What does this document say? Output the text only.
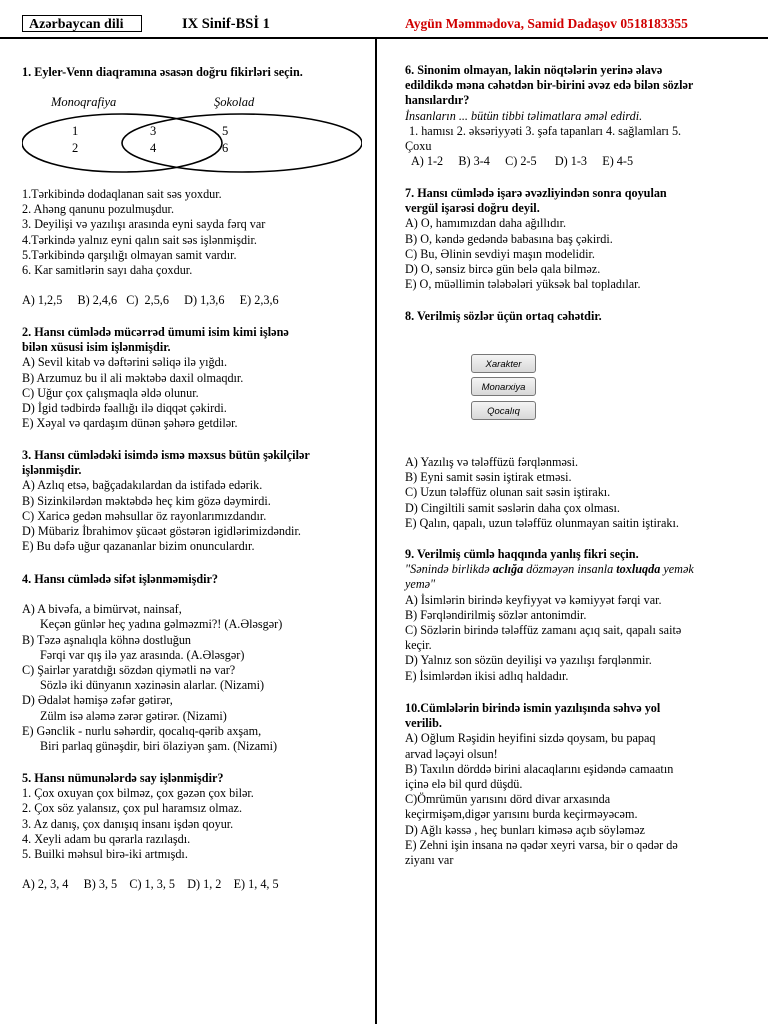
Azərbaycan dili	IX Sinif-BSİ 1	Aygün Məmmədova, Samid Dadaşov 0518183355

1. Eyler-Venn diaqramına əsasən doğru fikirləri seçin.

Monoqrafiya	Şokolad
1
2
3
4
5
6

1.Tərkibində dodaqlanan sait səs yoxdur.

2. Ahəng qanunu pozulmuşdur.

3. Deyilişi və yazılışı arasında eyni sayda fərq var

4.Tərkində yalnız eyni qalın sait səs işlənmişdir.

5.Tərkibində qarşılığı olmayan samit vardır.

6. Kar samitlərin sayı daha çoxdur.

A) 1,2,5     B) 2,4,6   C)  2,5,6     D) 1,3,6     E) 2,3,6

2. Hansı cümlədə mücərrəd ümumi isim kimi işlənə

bilən xüsusi isim işlənmişdir.

A) Sevil kitab və dəftərini səliqə ilə yığdı.

B) Arzumuz bu il ali məktəbə daxil olmaqdır.

C) Uğur çox çalışmaqla əldə olunur.

D) İgid tədbirdə fəallığı ilə diqqət çəkirdi.

E) Xəyal və qardaşım dünən şəhərə getdilər.

3. Hansı cümlədəki isimdə ismə məxsus bütün şəkilçilər

işlənmişdir.

A) Azlıq etsə, bağçadakılardan da istifadə edərik.

B) Sizinkilərdən məktəbdə heç kim gözə dəymirdi.

C) Xaricə gedən məhsullar öz rayonlarımızdandır.

D) Mübariz İbrahimov şücaət göstərən igidlərimizdəndir.

E) Bu dəfə uğur qazananlar bizim onunculardır.

4. Hansı cümlədə sifət işlənməmişdir?

A) A bivəfa, a bimürvət, nainsaf,

Keçən günlər heç yadına gəlməzmi?! (A.Ələsgər)

B) Təzə aşnalıqla köhnə dostluğun

Fərqi var qış ilə yaz arasında. (A.Ələsgər)

C) Şairlər yaratdığı sözdən qiymətli nə var?

Sözlə iki dünyanın xəzinəsin alarlar. (Nizami)

D) Ədalət həmişə zəfər gətirər,

Zülm isə aləmə zərər gətirər. (Nizami)

E) Gənclik - nurlu səhərdir, qocalıq-qərib axşam,

Biri parlaq günəşdir, biri ölaziyən şam. (Nizami)

5. Hansı nümunələrdə say işlənmişdir?

1. Çox oxuyan çox bilməz, çox gəzən çox bilər.

2. Çox söz yalansız, çox pul haramsız olmaz.

3. Az danış, çox danışıq insanı işdən qoyur.

4. Xeyli adam bu qərarla razılaşdı.

5. Builki məhsul birə-iki artmışdı.

A) 2, 3, 4     B) 3, 5    C) 1, 3, 5    D) 1, 2    E) 1, 4, 5

6. Sinonim olmayan, lakin nöqtələrin yerinə əlavə

edildikdə məna cəhətdən bir-birini əvəz edə bilən sözlər

hansılardır?

İnsanların ... bütün tibbi təlimatlara əməl edirdi.

1. hamısı 2. əksəriyyəti 3. şəfa tapanları 4. sağlamları 5.

Çoxu

A) 1-2     B) 3-4     C) 2-5      D) 1-3     E) 4-5

7. Hansı cümlədə işarə əvəzliyindən sonra qoyulan

vergül işarəsi doğru deyil.

A) O, hamımızdan daha ağıllıdır.

B) O, kəndə gedəndə babasına baş çəkirdi.

C) Bu, Əlinin sevdiyi maşın modelidir.

D) O, sənsiz bircə gün belə qala bilməz.

E) O, müəllimin tələbələri yüksək bal topladılar.

8. Verilmiş sözlər üçün ortaq cəhətdir.

Xarakter
Monarxiya
Qocalıq

A) Yazılış və tələffüzü fərqlənməsi.

B) Eyni samit səsin iştirak etməsi.

C) Uzun tələffüz olunan sait səsin iştirakı.

D) Cingiltili samit səslərin daha çox olması.

E) Qalın, qapalı, uzun tələffüz olunmayan saitin iştirakı.

9. Verilmiş cümlə haqqında yanlış fikri seçin.

"Sənində birlikdə aclığa dözməyən insanla toxluqda yemək

yemə"

A) İsimlərin birində keyfiyyət və kəmiyyət fərqi var.

B) Fərqləndirilmiş sözlər antonimdir.

C) Sözlərin birində tələffüz zamanı açıq sait, qapalı saitə

keçir.

D) Yalnız son sözün deyilişi və yazılışı fərqlənmir.

E) İsimlərdən ikisi adlıq haldadır.

10.Cümlələrin birində ismin yazılışında səhvə yol

verilib.

A) Oğlum Rəşidin heyifini sizdə qoysam, bu papaq

arvad ləçəyi olsun!

B) Taxılın dörddə birini alacaqlarını eşidəndə camaatın

içinə elə bil qurd düşdü.

C)Ömrümün yarısını dörd divar arxasında

keçirmişəm,digər yarısını burda keçirməyəcəm.

D) Ağlı kəssə , heç bunları kiməsə açıb söyləməz

E) Zehni işin insana nə qədər xeyri varsa, bir o qədər də

ziyanı var
